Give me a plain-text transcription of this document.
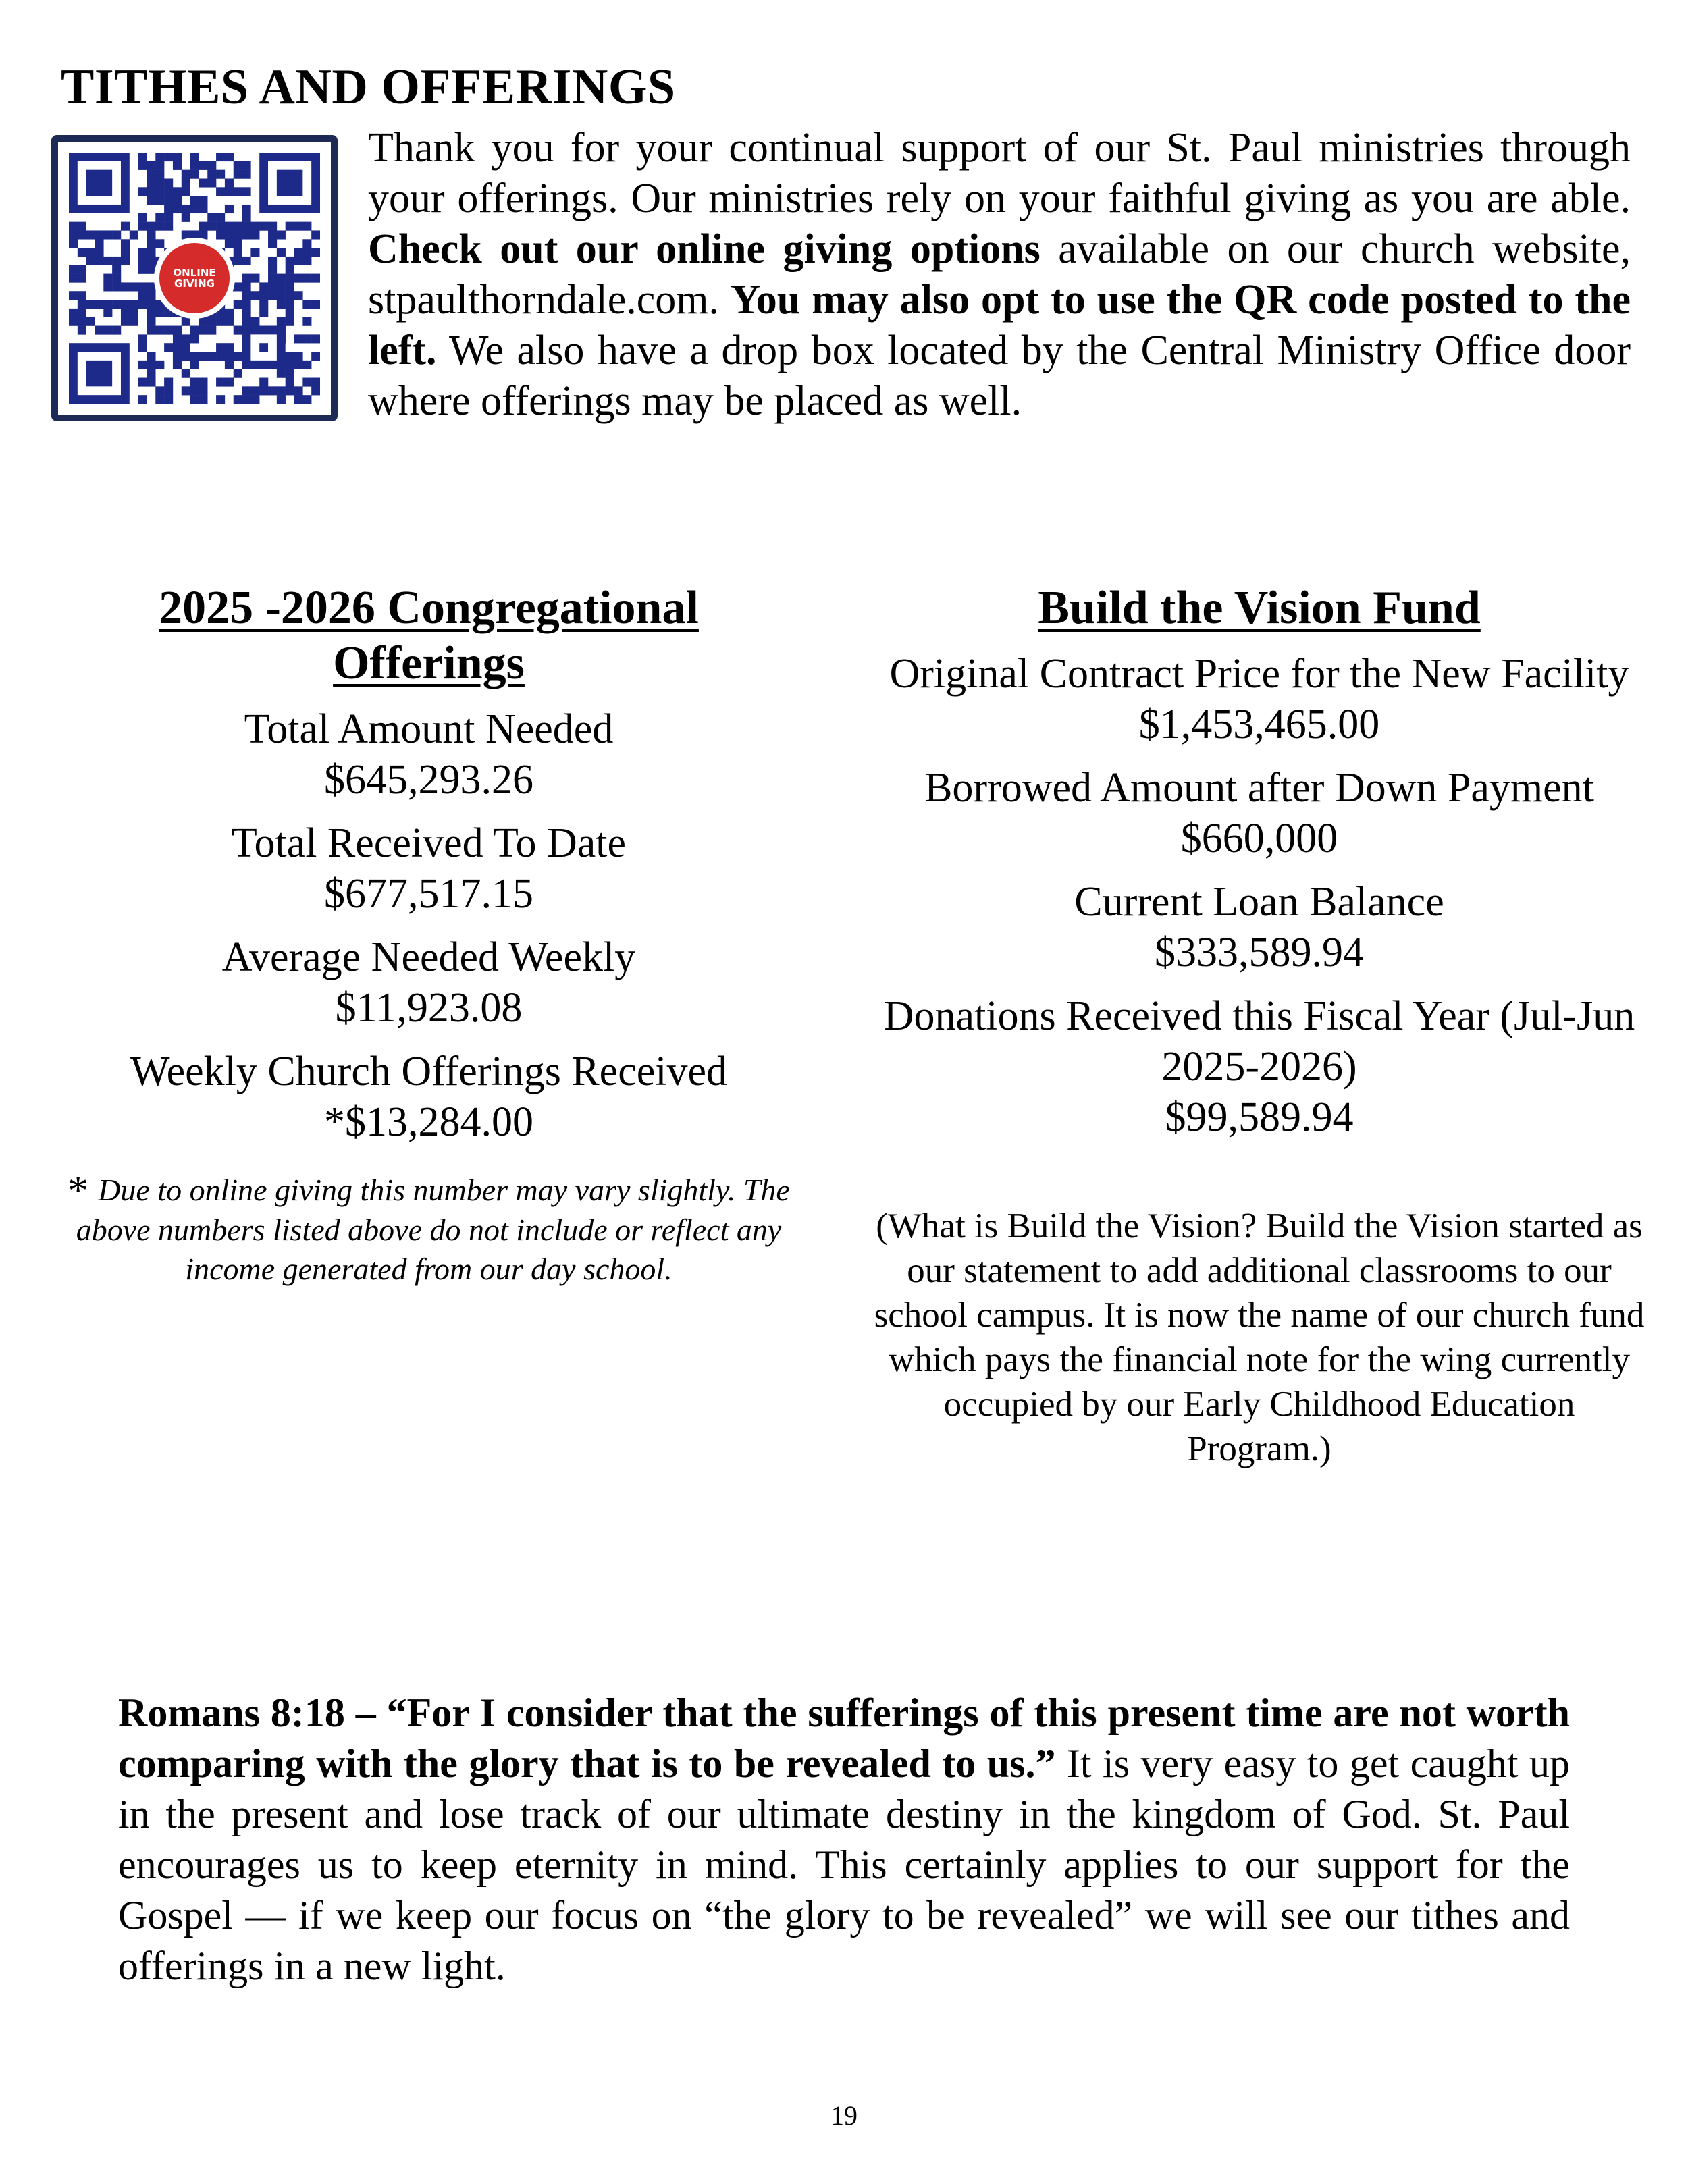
TITHES AND OFFERINGS
ONLINE
GIVING

Thank you for your continual support of our St. Paul ministries through your offerings. Our ministries rely on your faithful giving as you are able. Check out our online giving options available on our church website, stpaulthorndale.com. You may also opt to use the QR code posted to the left. We also have a drop box located by the Central Ministry Office door where offerings may be placed as well.

2025 -2026 Congregational Offerings
Total Amount Needed
$645,293.26
Total Received To Date
$677,517.15
Average Needed Weekly
$11,923.08
Weekly Church Offerings Received
*$13,284.00
* Due to online giving this number may vary slightly. The above numbers listed above do not include or reflect any income generated from our day school.
Build the Vision Fund
Original Contract Price for the New Facility
$1,453,465.00
Borrowed Amount after Down Payment
$660,000
Current Loan Balance
$333,589.94
Donations Received this Fiscal Year (Jul-Jun 2025-2026)
$99,589.94
(What is Build the Vision? Build the Vision started as our statement to add additional classrooms to our school campus. It is now the name of our church fund which pays the financial note for the wing currently occupied by our Early Childhood Education Program.)

Romans 8:18 – “For I consider that the sufferings of this present time are not worth comparing with the glory that is to be revealed to us.” It is very easy to get caught up in the present and lose track of our ultimate destiny in the kingdom of God. St. Paul encourages us to keep eternity in mind. This certainly applies to our support for the Gospel — if we keep our focus on “the glory to be revealed” we will see our tithes and offerings in a new light.

19
